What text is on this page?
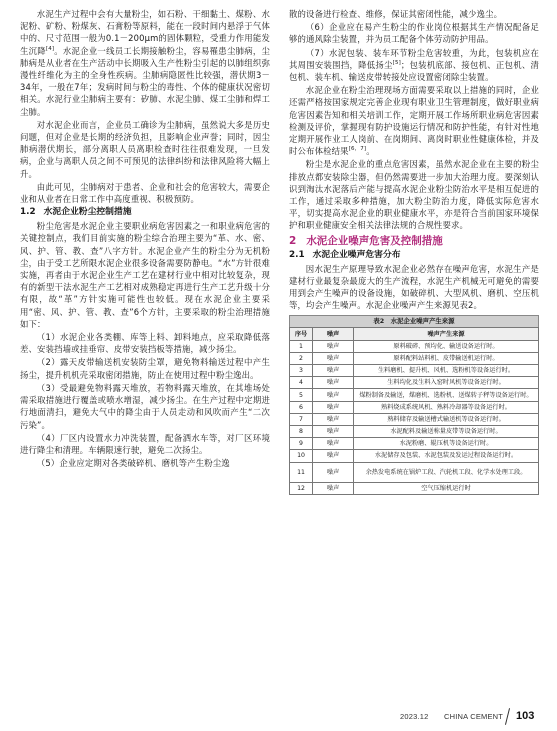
水泥生产过程中会有大量粉尘，如石粉、干细黏土、煤粉、水泥粉、矿粉、粉煤灰、石膏粉等原料，能在一段时间内悬浮于气体中的、尺寸范围一般为0.1－200μm的固体颗粒，受重力作用能发生沉降[4]。水泥企业一线员工长期接触粉尘，容易罹患尘肺病，尘肺病是从业者在生产活动中长期吸入生产性粉尘引起的以肺组织弥漫性纤维化为主的全身性疾病。尘肺病隐匿性比较强，潜伏期3－34年，一般在7年；发病时间与粉尘的毒性、个体的健康状况密切相关。水泥行业尘肺病主要有：矽肺、水泥尘肺、煤工尘肺和焊工尘肺。

对水泥企业而言，企业员工确诊为尘肺病，虽然说大多是历史问题，但对企业是长期的经济负担，且影响企业声誉；同时，因尘肺病潜伏期长，部分离职人员离职检查时往往很难发现，一旦发病，企业与离职人员之间不可预见的法律纠纷和法律风险将大幅上升。

由此可见，尘肺病对于患者、企业和社会的危害较大，需要企业和从业者在日常工作中高度重视、积极预防。

1.2 水泥企业粉尘控制措施

粉尘危害是水泥企业主要职业病危害因素之一和职业病危害的关键控制点，我们目前实施的粉尘综合治理主要为“革、水、密、风、护、管、教、查”八字方针。水泥企业产生的粉尘分为无机粉尘，由于受工艺所限水泥企业很多设备需要防静电。“水”方针很难实施，再者由于水泥企业生产工艺在建材行业中相对比较复杂，现有的新型干法水泥生产工艺相对成熟稳定再进行生产工艺升级十分有限，故“革”方针实施可能性也较低。现在水泥企业主要采用“密、风、护、管、教、查”6个方针，主要采取的粉尘治理措施如下：

（1）水泥企业各类棚、库等上料、卸料地点，应采取降低落差、安装挡墙或挂垂帘、皮带安装挡板等措施，减少扬尘。

（2）露天皮带输送机安装防尘罩，避免物料输送过程中产生扬尘，提升机机壳采取密闭措施，防止在使用过程中粉尘逸出。

（3）受最避免物料露天堆放，若物料露天堆放，在其堆场处需采取措施进行覆盖或喷水增湿，减少扬尘。在生产过程中定期进行地面清扫，避免大气中的降尘由于人员走动和风吹而产生“二次污染”。

（4）厂区内设置水力冲洗装置，配备洒水车等，对厂区环境进行降尘和清理。车辆限速行驶，避免二次扬尘。

（5）企业应定期对各类破碎机、磨机等产生粉尘逸

散的设备进行检查、维修，保证其密闭性能，减少逸尘。

（6）企业应在易产生粉尘的作业岗位根据其生产情况配备足够的通风除尘装置，并为员工配备个体劳动防护用品。

（7）水泥包装、装车环节粉尘危害较重，为此，包装机应在其周围安装围挡，降低扬尘[5]；包装机底部、接包机、正包机、清包机、装车机、输送皮带转接处应设置密闭除尘装置。

水泥企业在粉尘治理现场方面需要采取以上措施的同时，企业还需严格按国家规定完善企业现有职业卫生管理制度，做好职业病危害因素告知和相关培训工作，定期开展工作场所职业病危害因素检测及评价，掌握现有防护设施运行情况和防护性能，有针对性地定期开展作业工人岗前、在岗期间、离岗时职业性健康体检，并及时公布体检结果[6，7]。

粉尘是水泥企业的重点危害因素，虽然水泥企业在主要的粉尘排放点都安装除尘器，但仍然需要进一步加大治理力度。要深刻认识到淘汰水泥落后产能与提高水泥企业粉尘防治水平是相互促进的工作，通过采取多种措施，加大粉尘防治力度，降低实际危害水平，切实提高水泥企业的职业健康水平，亦是符合当前国家环境保护和职业健康安全相关法律法规的合规性要求。

2 水泥企业噪声危害及控制措施
2.1 水泥企业噪声危害分布

因水泥生产原理导致水泥企业必然存在噪声危害，水泥生产是建材行业最复杂最庞大的生产流程，水泥生产机械无可避免的需要用到会产生噪声的设备设施，如破碎机、大型风机、磨机、空压机等，均会产生噪声。水泥企业噪声产生来源见表2。

表2　水泥企业噪声产生来源
序号	噪声	噪声产生来源
1	噪声	原料破碎、预均化、输送设备运行时。
2	噪声	原料配料站料机、皮带输送机运行时。
3	噪声	生料磨机、提升机、风机、选粉机等设备运行时。
4	噪声	生料均化及生料入窑时风机等设备运行时。
5	噪声	煤粉制备及输送，煤磨机、选粉机、送煤转子秤等设备运行时。
6	噪声	熟料烧成系统风机、熟料冷却器等设备运行时。
7	噪声	熟料储存及输送槽式输送机等设备运行时。
8	噪声	水泥配料及输送称量皮带等设备运行时。
9	噪声	水泥粉磨、辊压机等设备运行时。
10	噪声	水泥储存及包装、水泥包装及发运过程设备运行时。
11	噪声	余热发电系统在锅炉工段、汽轮机工段、化学水处理工段。
12	噪声	空气压缩机运行时
2023.12 CHINA CEMENT 103
